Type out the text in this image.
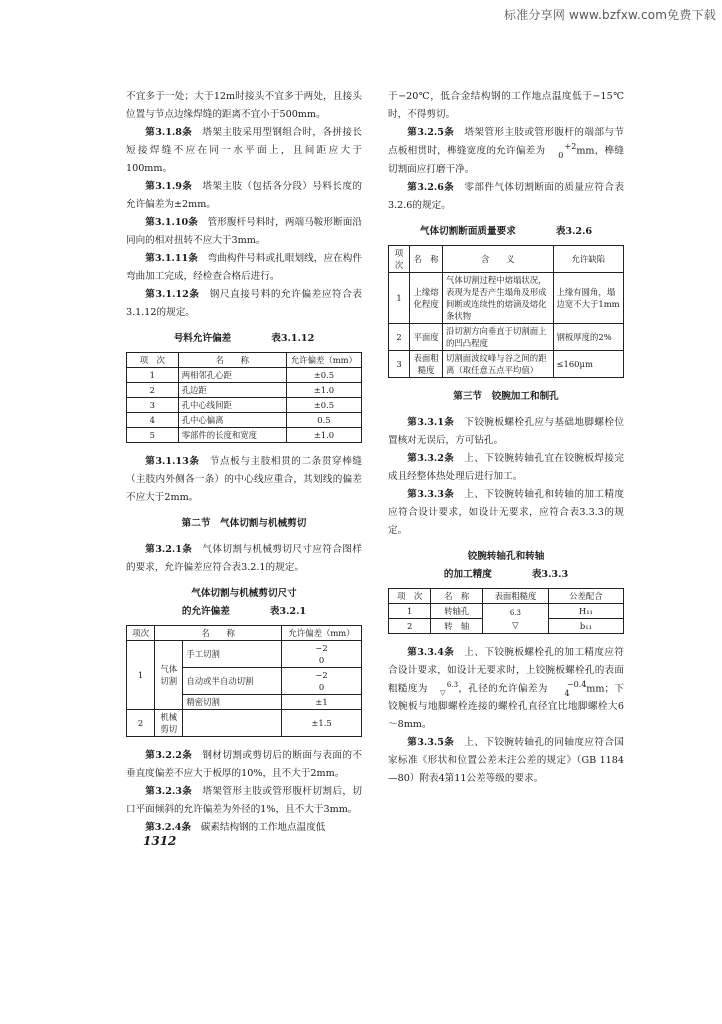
标准分享网 www.bzfxw.com免费下载

不宜多于一处；大于12m时接头不宜多于两处，且接头位置与节点边缘焊缝的距离不宜小于500mm。

第3.1.8条　 塔架主肢采用型钢组合时，各拼接长短接焊缝不应在同一水平面上，且间距应大于100mm。

第3.1.9条　 塔架主肢（包括各分段）号料长度的允许偏差为±2mm。

第3.1.10条　 管形腹杆号料时，两端马鞍形断面沿同向的相对扭转不应大于3mm。

第3.1.11条　 弯曲构件号料或扎眼划线，应在构件弯曲加工完成，经检查合格后进行。

第3.1.12条　 钢尺直接号料的允许偏差应符合表3.1.12的规定。

号料允许偏差	表3.1.12
项　次	名　　称	允许偏差（mm）
1	两相邻孔心距	±0.5
2	孔边距	±1.0
3	孔中心线间距	±0.5
4	孔中心偏离	0.5
5	零部件的长度和宽度	±1.0

第3.1.13条　 节点板与主肢相贯的二条贯穿棒缝（主肢内外侧各一条）的中心线应重合，其划线的偏差不应大于2mm。

第二节　气体切割与机械剪切

第3.2.1条　 气体切割与机械剪切尺寸应符合图样的要求，允许偏差应符合表3.2.1的规定。

气体切割与机械剪切尺寸
的允许偏差	表3.2.1
项次	名　　称		允许偏差（mm）
1	气体切割	手工切割	−2
0
		自动或半自动切割	−2
0
		精密切割	±1
2	机械剪切		±1.5

第3.2.2条　 钢材切割或剪切后的断面与表面的不垂直度偏差不应大于板厚的10%，且不大于2mm。

第3.2.3条　 塔架管形主肢或管形腹杆切割后，切口平面倾斜的允许偏差为外径的1%，且不大于3mm。

第3.2.4条　 碳素结构钢的工作地点温度低

于−20℃，低合金结构钢的工作地点温度低于−15℃时，不得剪切。

第3.2.5条　 塔架管形主肢或管形腹杆的端部与节点板相贯时，榫缝宽度的允许偏差为 +2
0 mm，榫缝切割面应打磨干净。

第3.2.6条　 零部件气体切割断面的质量应符合表3.2.6的规定。

气体切割断面质量要求	表3.2.6
项次	名　称	含　　义	允许缺陷
1	上缘熔化程度	气体切割过程中熔塌状况，表现为是否产生塌角及形成间断或连续性的熔滴及熔化条状物	上缘有圆角，塌边宽不大于1mm
2	平面度	沿切割方向垂直于切割面上的凹凸程度	钢板厚度的2%
3	表面粗糙度	切割面波纹峰与谷之间的距离（取任意五点平均值）	≤160μm
第三节　铰腕加工和制孔

第3.3.1条　 下铰腕板螺栓孔应与基础地脚螺栓位置核对无误后，方可钻孔。

第3.3.2条　 上、下铰腕转轴孔宜在铰腕板焊接完成且经整体热处理后进行加工。

第3.3.3条　 上、下铰腕转轴孔和转轴的加工精度应符合设计要求，如设计无要求，应符合表3.3.3的规定。

铰腕转轴孔和转轴
的加工精度	表3.3.3
项　次	名　称	表面粗糙度	公差配合
1	转轴孔	6.3
▽	H₁₁
2	转　轴		b₁₁

第3.3.4条　 上、下铰腕板螺栓孔的加工精度应符合设计要求，如设计无要求时，上铰腕板螺栓孔的表面粗糙度为	6.3
▽ ，孔径的允许偏差为 −0.4
4 mm；下铰腕板与地脚螺栓连接的螺栓孔直径宜比地脚螺栓大6～8mm。

第3.3.5条　 上、下铰腕转轴孔的同轴度应符合国家标准《形状和位置公差未注公差的规定》（GB 1184—80）附表4第11公差等级的要求。

1312
